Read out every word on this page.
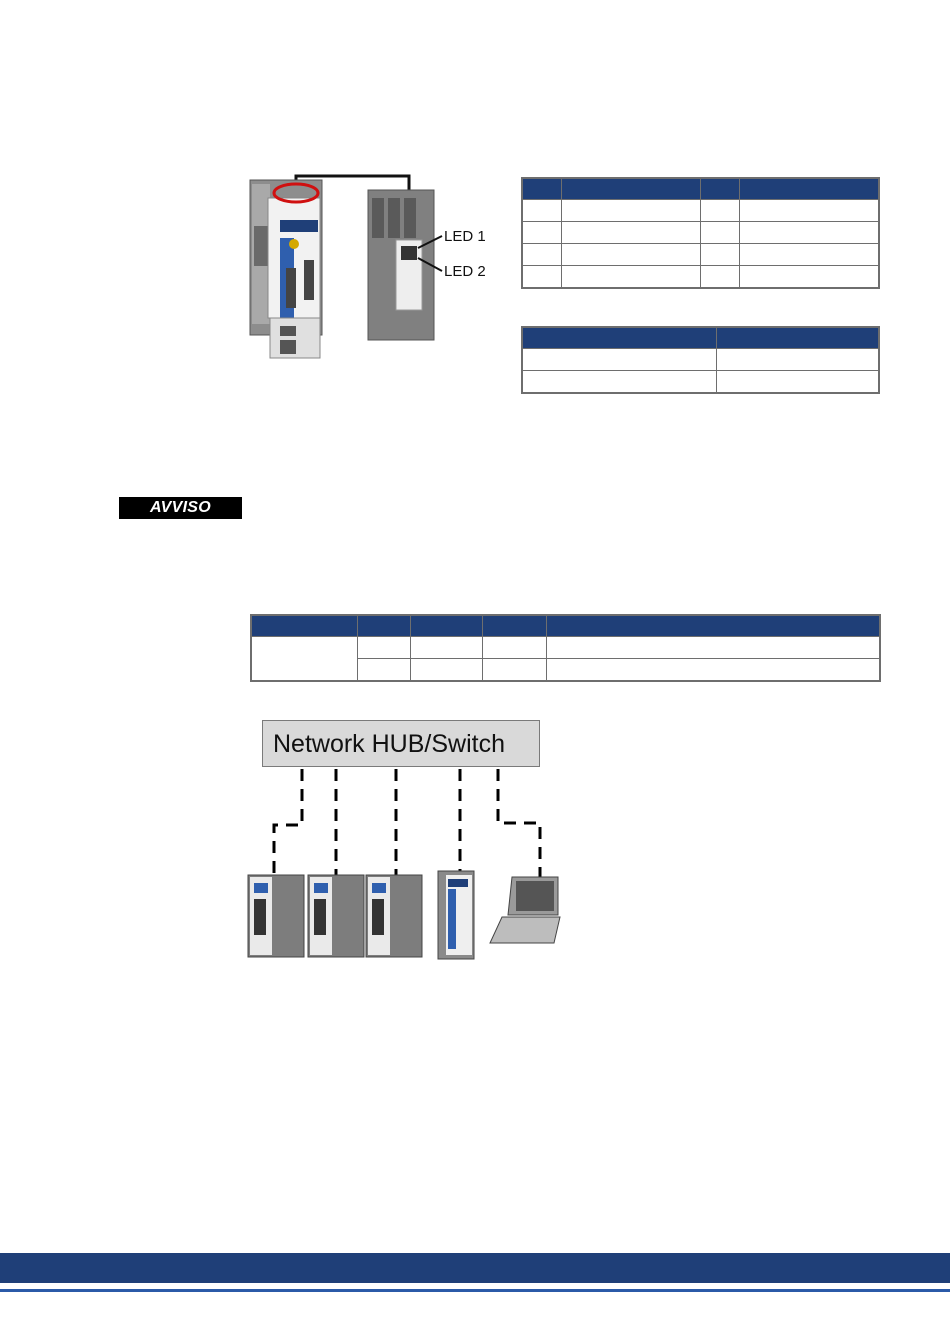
LED 1
LED 2

AVVISO

Network HUB/Switch
